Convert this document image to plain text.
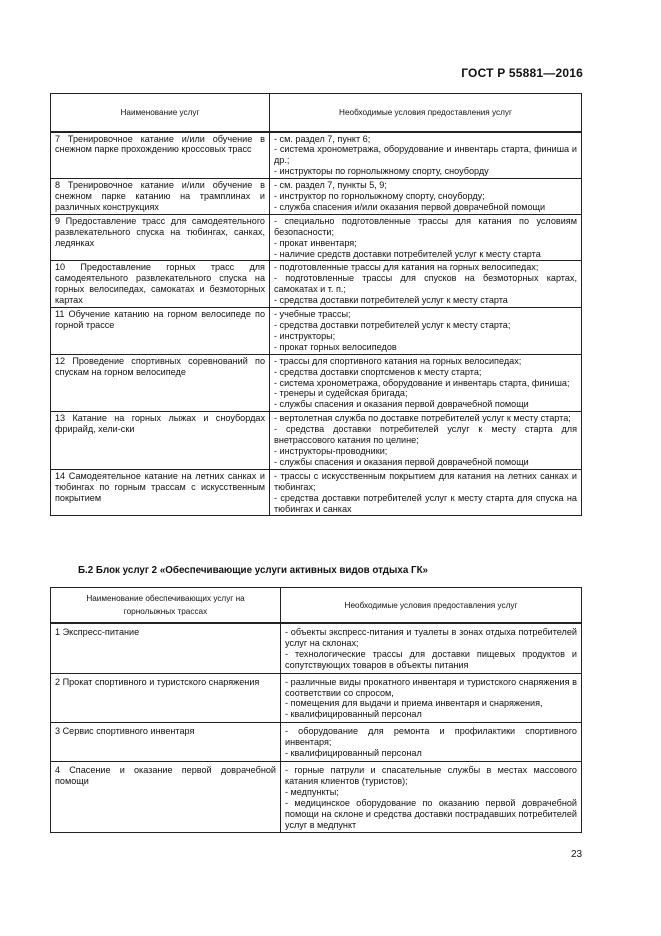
ГОСТ Р 55881—2016
Наименование услуг	Необходимые условия предоставления услуг
7 Тренировочное катание и/или обучение в снежном парке прохождению кроссовых трасс	- см. раздел 7, пункт 6;
- система хронометража, оборудование и инвентарь старта, финиша и др.;
- инструкторы по горнолыжному спорту, сноуборду

8 Тренировочное катание и/или обучение в снежном парке катанию на трамплинах и различных конструкциях	- см. раздел 7, пункты 5, 9;
- инструктор по горнолыжному спорту, сноуборду;
- служба спасения и/или оказания первой доврачебной помощи

9 Предоставление трасс для самодеятельного развлекательного спуска на тюбингах, санках, ледянках	- специально подготовленные трассы для катания по условиям безопасности;
- прокат инвентаря;
- наличие средств доставки потребителей услуг к месту старта

10 Предоставление горных трасс для самодеятельного развлекательного спуска на горных велосипедах, самокатах и безмоторных картах	- подготовленные трассы для катания на горных велосипедах;
- подготовленные трассы для спусков на безмоторных картах, самокатах и т. п.;
- средства доставки потребителей услуг к месту старта

11 Обучение катанию на горном велосипеде по горной трассе	- учебные трассы;
- средства доставки потребителей услуг к месту старта;
- инструкторы;
- прокат горных велосипедов

12 Проведение спортивных соревнований по спускам на горном велосипеде	- трассы для спортивного катания на горных велосипедах;
- средства доставки спортсменов к месту старта;
- система хронометража, оборудование и инвентарь старта, финиша;
- тренеры и судейская бригада;
- службы спасения и оказания первой доврачебной помощи

13 Катание на горных лыжах и сноубордах фрирайд, хели-ски	- вертолетная служба по доставке потребителей услуг к месту старта;
- средства доставки потребителей услуг к месту старта для внетрассового катания по целине;
- инструкторы-проводники;
- службы спасения и оказания первой доврачебной помощи

14 Самодеятельное катание на летних санках и тюбингах по горным трассам с искусственным покрытием	- трассы с искусственным покрытием для катания на летних санках и тюбингах;
- средства доставки потребителей услуг к месту старта для спуска на тюбингах и санках
Б.2 Блок услуг 2 «Обеспечивающие услуги активных видов отдыха ГК»
Наименование обеспечивающих услуг на горнолыжных трассах	Необходимые условия предоставления услуг
1 Экспресс-питание	- объекты экспресс-питания и туалеты в зонах отдыха потребителей услуг на склонах;
- технологические трассы для доставки пищевых продуктов и сопутствующих товаров в объекты питания

2 Прокат спортивного и туристского снаряжения	- различные виды прокатного инвентаря и туристского снаряжения в соответствии со спросом,
- помещения для выдачи и приема инвентаря и снаряжения,
- квалифицированный персонал

3 Сервис спортивного инвентаря	- оборудование для ремонта и профилактики спортивного инвентаря;
- квалифицированный персонал

4 Спасение и оказание первой доврачебной помощи	- горные патрули и спасательные службы в местах массового катания клиентов (туристов);
- медпункты;
- медицинское оборудование по оказанию первой доврачебной помощи на склоне и средства доставки пострадавших потребителей услуг в медпункт
23
